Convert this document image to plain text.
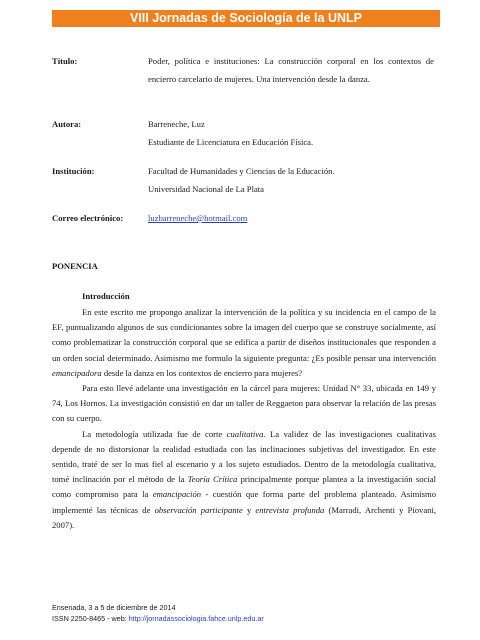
VIII Jornadas de Sociología de la UNLP
Título:	Poder, política e instituciones: La construcción corporal en los contextos de encierro carcelario de mujeres. Una intervención desde la danza.
Autora:	Barreneche, Luz
Estudiante de Licenciatura en Educación Física.
Institución:	Facultad de Humanidades y Ciencias de la Educación.
Universidad Nacional de La Plata
Correo electrónico:	luzbarreneche@hotmail.com
PONENCIA
Introducción

En este escrito me propongo analizar la intervención de la política y su incidencia en el campo de la EF, puntualizando algunos de sus condicionantes sobre la imagen del cuerpo que se construye socialmente, así como problematizar la construcción corporal que se edifica a partir de diseños institucionales que responden a un orden social determinado. Asimismo me formulo la siguiente pregunta: ¿Es posible pensar una intervención emancipadora desde la danza en los contextos de encierro para mujeres?

Para esto llevé adelante una investigación en la cárcel para mujeres: Unidad N° 33, ubicada en 149 y 74, Los Hornos. La investigación consistió en dar un taller de Reggaeton para observar la relación de las presas con su cuerpo.

La metodología utilizada fue de corte cualitativa. La validez de las investigaciones cualitativas depende de no distorsionar la realidad estudiada con las inclinaciones subjetivas del investigador. En este sentido, traté de ser lo mas fiel al escenario y a los sujeto estudiados. Dentro de la metodología cualitativa, tomé inclinación por el método de la Teoría Crítica principalmente porque plantea a la investigación social como compromiso para la emancipación - cuestión que forma parte del problema planteado. Asimismo implementé las técnicas de observación participante y entrevista profunda (Marradi, Archenti y Piovani, 2007).

Ensenada, 3 a 5 de diciembre de 2014
ISSN 2250-8465 - web: http://jornadassociologia.fahce.unlp.edu.ar
